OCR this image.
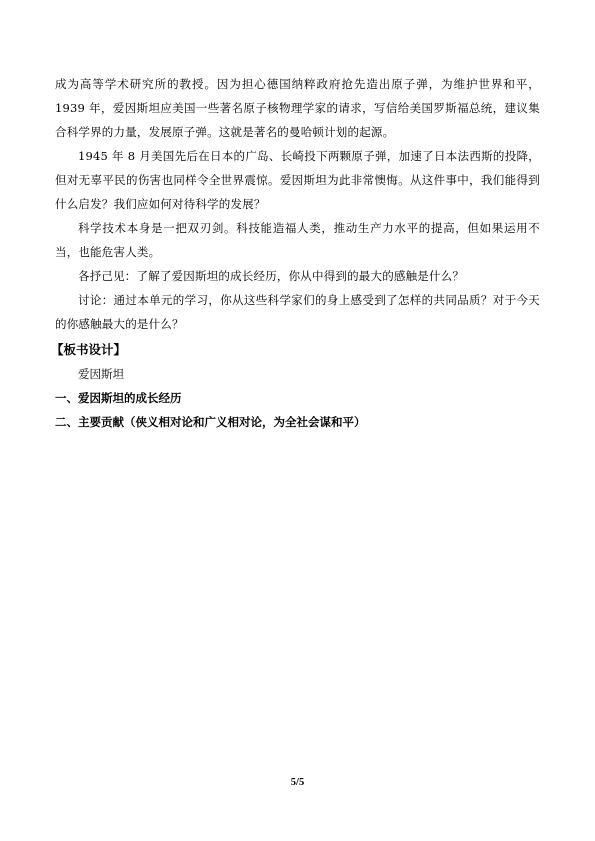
成为高等学术研究所的教授。因为担心德国纳粹政府抢先造出原子弹，为维护世界和平，1939 年，爱因斯坦应美国一些著名原子核物理学家的请求，写信给美国罗斯福总统，建议集合科学界的力量，发展原子弹。这就是著名的曼哈顿计划的起源。

1945 年 8 月美国先后在日本的广岛、长崎投下两颗原子弹，加速了日本法西斯的投降，但对无辜平民的伤害也同样令全世界震惊。爱因斯坦为此非常懊悔。从这件事中，我们能得到什么启发？我们应如何对待科学的发展？

科学技术本身是一把双刃剑。科技能造福人类，推动生产力水平的提高，但如果运用不当，也能危害人类。

各抒己见：了解了爱因斯坦的成长经历，你从中得到的最大的感触是什么？

讨论：通过本单元的学习，你从这些科学家们的身上感受到了怎样的共同品质？对于今天的你感触最大的是什么？

【板书设计】

爱因斯坦

一、爱因斯坦的成长经历

二、主要贡献（侠义相对论和广义相对论，为全社会谋和平）

5/5
